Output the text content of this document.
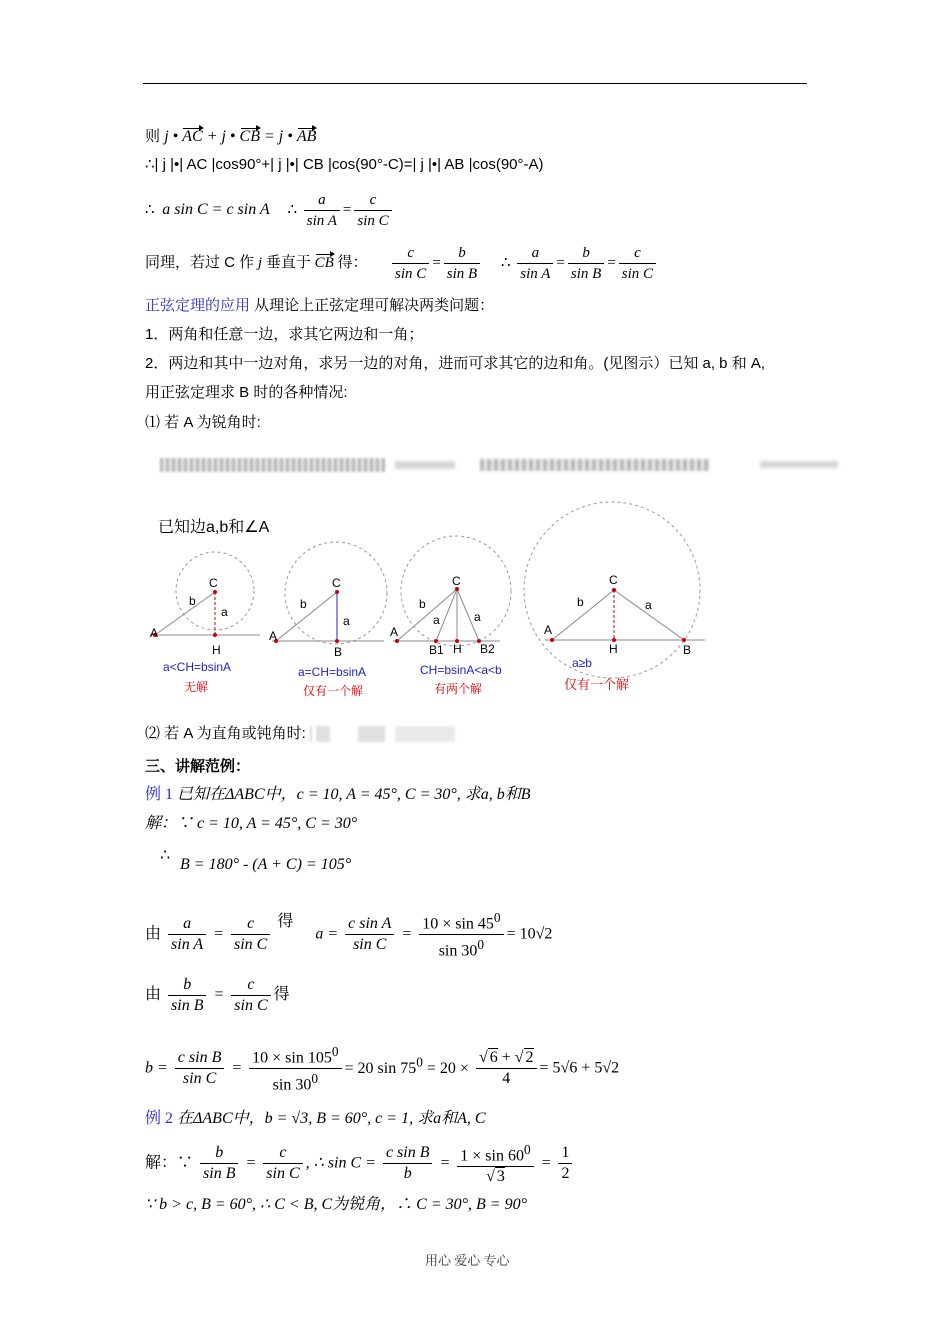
则 j • AC + j • CB = j • AB
∴| j |•| AC |cos90°+| j |•| CB |cos(90°-C)=| j |•| AB |cos(90°-A)
∴ a sin C = c sin A ∴ $\frac{a}{\text{sin A}} = \frac{c}{\text{sin C}}$
同理，若过 C 作 j 垂直于 CB 得： $\frac{c}{\text{sin C}} = \frac{b}{\text{sin B}}$ ∴ $\frac{a}{\text{sin A}} = \frac{b}{\text{sin B}} = \frac{c}{\text{sin C}}$
正弦定理的应用 从理论上正弦定理可解决两类问题：
1．两角和任意一边，求其它两边和一角；
2．两边和其中一边对角，求另一边的对角，进而可求其它的边和角。(见图示）已知 a, b 和 A,
用正弦定理求 B 时的各种情况:
⑴ 若 A 为锐角时:
已知边a,b和∠A
C
b
a
A
H
a<CH=bsinA
无解
C
b
a
A
B
a=CH=bsinA
仅有一个解
C
b
a	a
A
B1 H B2
CH=bsinA<a<b
有两个解
C
b	a
A
H	B
a≥b
仅有一个解
⑵ 若 A 为直角或钝角时:
三、讲解范例：
例 1 已知在ΔABC中，c = 10, A = 45°, C = 30°, 求a, b和B
解：∵ c = 10, A = 45°, C = 30°
∴
B = 180° - (A + C) = 105°
由 $\frac{a}{\text{sin A}} = \frac{c}{\text{sin C}}$ 得  $a = \frac{\text{c sin A}}{\text{sin C}} = \frac{10 \times \sin 45^0}{\sin 30^0} = 10√2$
由 $\frac{b}{\text{sin B}} = \frac{c}{\text{sin C}}$ 得
$b = \frac{\text{c sin B}}{\text{sin C}} = \frac{10 \times \sin 105^0}{\sin 30^0} = 20$ $\sin 75^0 = 20 \times \frac{√ 6 + √ 2}{4} = 5√6 + 5√2$
例 2 在ΔABC中，b = √3, B = 60°, c = 1, 求a和A, C
解：∵ $\frac{b}{\text{sin B}} = \frac{c}{\text{sin C}}$ , ∴ $\sin C = \frac{\text{c sin B}}{b} = \frac{1 \times \sin 60^0}{√ 3} = \frac{1}{2}$
∵ b > c, B = 60°, ∴ C < B, C为锐角，∴ C = 30°, B = 90°
用心 爱心 专心
